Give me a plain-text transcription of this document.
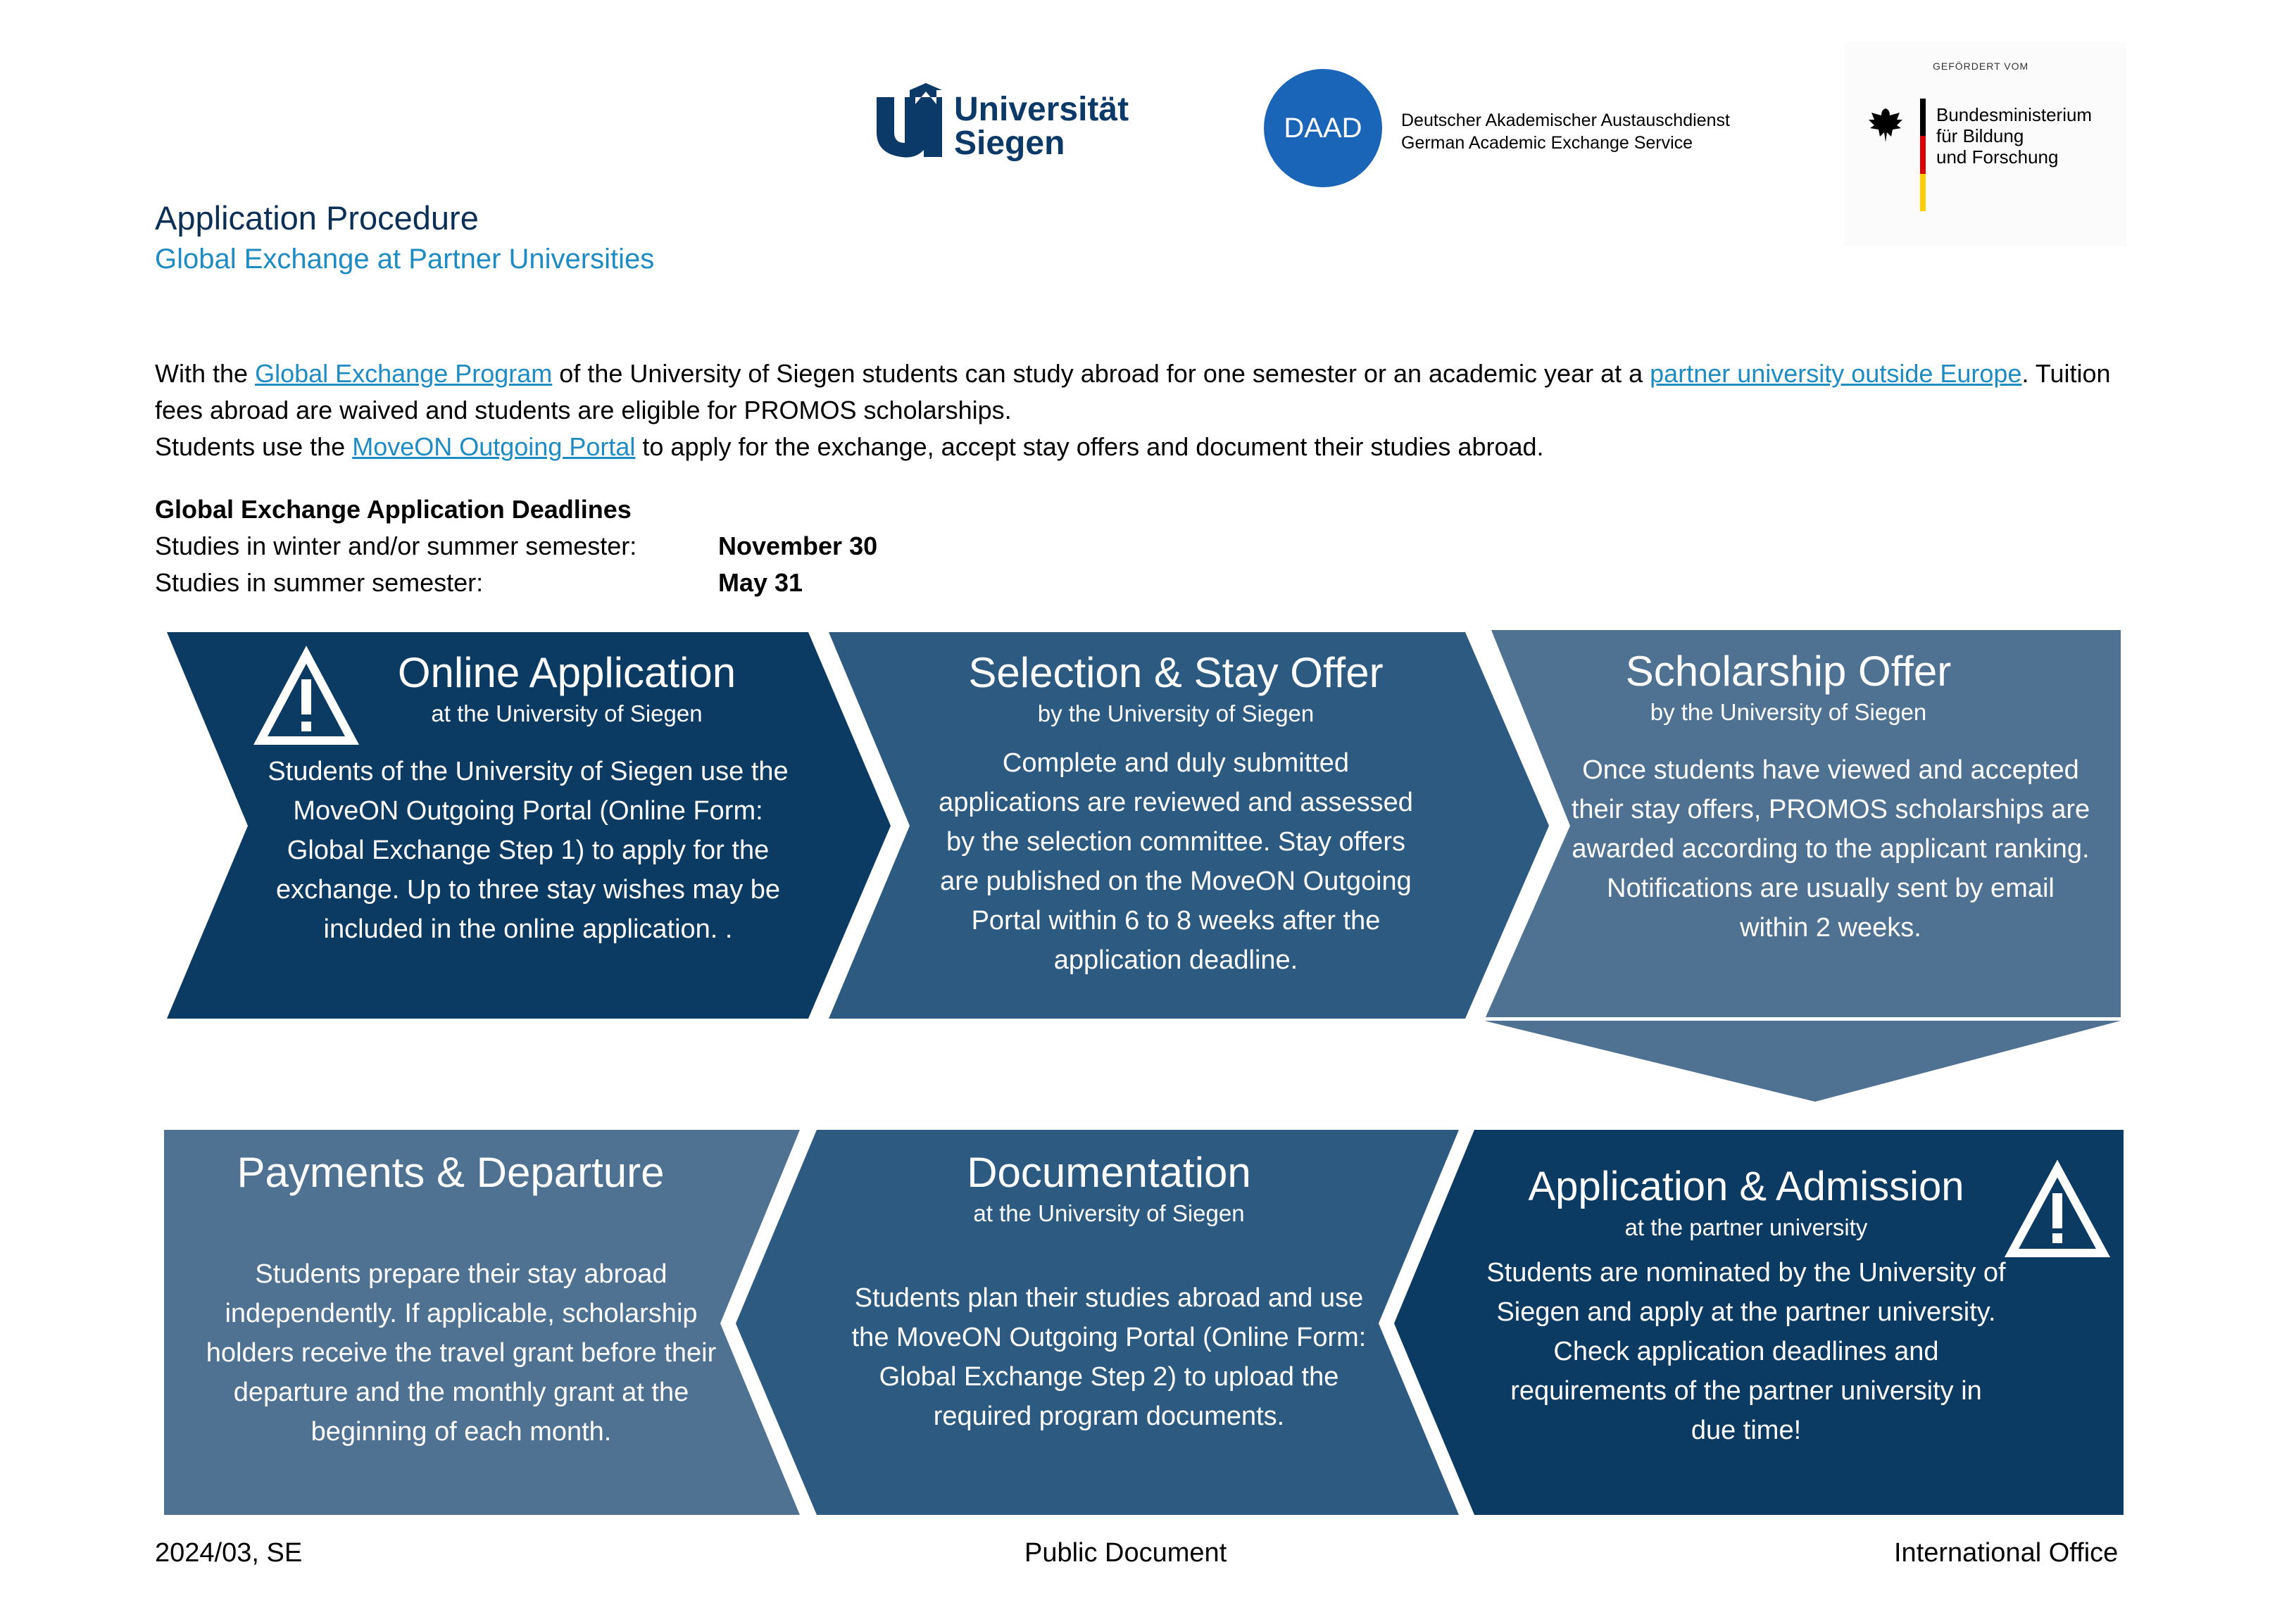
Universität Siegen	DAAD	Deutscher Akademischer Austauschdienst
German Academic Exchange Service
GEFÖRDERT VOM
Bundesministerium
für Bildung
und Forschung
Application Procedure
Global Exchange at Partner Universities
With the Global Exchange Program of the University of Siegen students can study abroad for one semester or an academic year at a partner university outside Europe. Tuition fees abroad are waived and students are eligible for PROMOS scholarships.
Students use the MoveON Outgoing Portal to apply for the exchange, accept stay offers and document their studies abroad.
Global Exchange Application Deadlines
Studies in winter and/or summer semester:	November 30
Studies in summer semester:	May 31
Online Application
at the University of Siegen
Students of the University of Siegen use the MoveON Outgoing Portal (Online Form: Global Exchange Step 1) to apply for the exchange. Up to three stay wishes may be included in the online application. .
Selection & Stay Offer
by the University of Siegen
Complete and duly submitted applications are reviewed and assessed by the selection committee. Stay offers are published on the MoveON Outgoing Portal within 6 to 8 weeks after the application deadline.
Scholarship Offer
by the University of Siegen
Once students have viewed and accepted their stay offers, PROMOS scholarships are awarded according to the applicant ranking. Notifications are usually sent by email within 2 weeks.
Application & Admission
at the partner university
Students are nominated by the University of Siegen and apply at the partner university. Check application deadlines and requirements of the partner university in due time!
Documentation
at the University of Siegen
Students plan their studies abroad and use the MoveON Outgoing Portal (Online Form: Global Exchange Step 2) to upload the required program documents.
Payments & Departure
Students prepare their stay abroad independently. If applicable, scholarship holders receive the travel grant before their departure and the monthly grant at the beginning of each month.
2024/03, SE	Public Document	International Office
